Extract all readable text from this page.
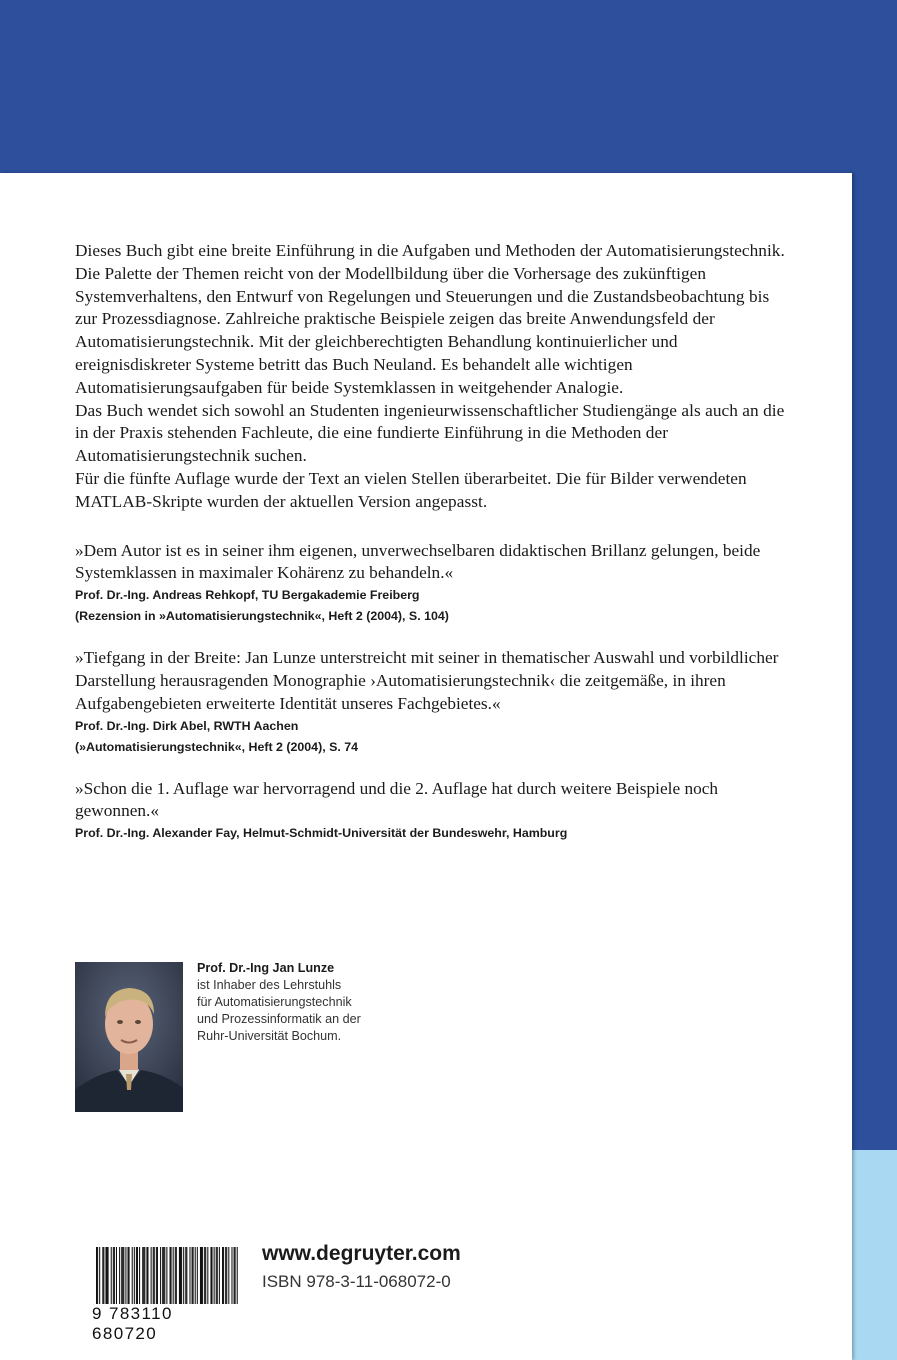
Dieses Buch gibt eine breite Einführung in die Aufgaben und Methoden der Automatisierungstechnik. Die Palette der Themen reicht von der Modellbildung über die Vorhersage des zukünftigen Systemverhaltens, den Entwurf von Regelungen und Steuerungen und die Zustandsbeobachtung bis zur Prozessdiagnose. Zahlreiche praktische Beispiele zeigen das breite Anwendungsfeld der Automatisierungstechnik. Mit der gleichberechtigten Behandlung kontinuierlicher und ereignisdiskreter Systeme betritt das Buch Neuland. Es behandelt alle wichtigen Automatisierungsaufgaben für beide Systemklassen in weitgehender Analogie.

Das Buch wendet sich sowohl an Studenten ingenieurwissenschaftlicher Studiengänge als auch an die in der Praxis stehenden Fachleute, die eine fundierte Einführung in die Methoden der Automatisierungstechnik suchen.

Für die fünfte Auflage wurde der Text an vielen Stellen überarbeitet. Die für Bilder verwendeten MATLAB-Skripte wurden der aktuellen Version angepasst.

»Dem Autor ist es in seiner ihm eigenen, unverwechselbaren didaktischen Brillanz gelungen, beide Systemklassen in maximaler Kohärenz zu behandeln.«
Prof. Dr.-Ing. Andreas Rehkopf, TU Bergakademie Freiberg
(Rezension in »Automatisierungstechnik«, Heft 2 (2004), S. 104)
»Tiefgang in der Breite: Jan Lunze unterstreicht mit seiner in thematischer Auswahl und vorbildlicher Darstellung herausragenden Monographie ›Automatisierungstechnik‹ die zeitgemäße, in ihren Aufgabengebieten erweiterte Identität unseres Fachgebietes.«
Prof. Dr.-Ing. Dirk Abel, RWTH Aachen
(»Automatisierungstechnik«, Heft 2 (2004), S. 74
»Schon die 1. Auflage war hervorragend und die 2. Auflage hat durch weitere Beispiele noch gewonnen.«
Prof. Dr.-Ing. Alexander Fay, Helmut-Schmidt-Universität der Bundeswehr, Hamburg
Prof. Dr.-Ing Jan Lunze
ist Inhaber des Lehrstuhls
für Automatisierungstechnik
und Prozessinformatik an der
Ruhr-Universität Bochum.
9 783110 680720
www.degruyter.com
ISBN 978-3-11-068072-0
